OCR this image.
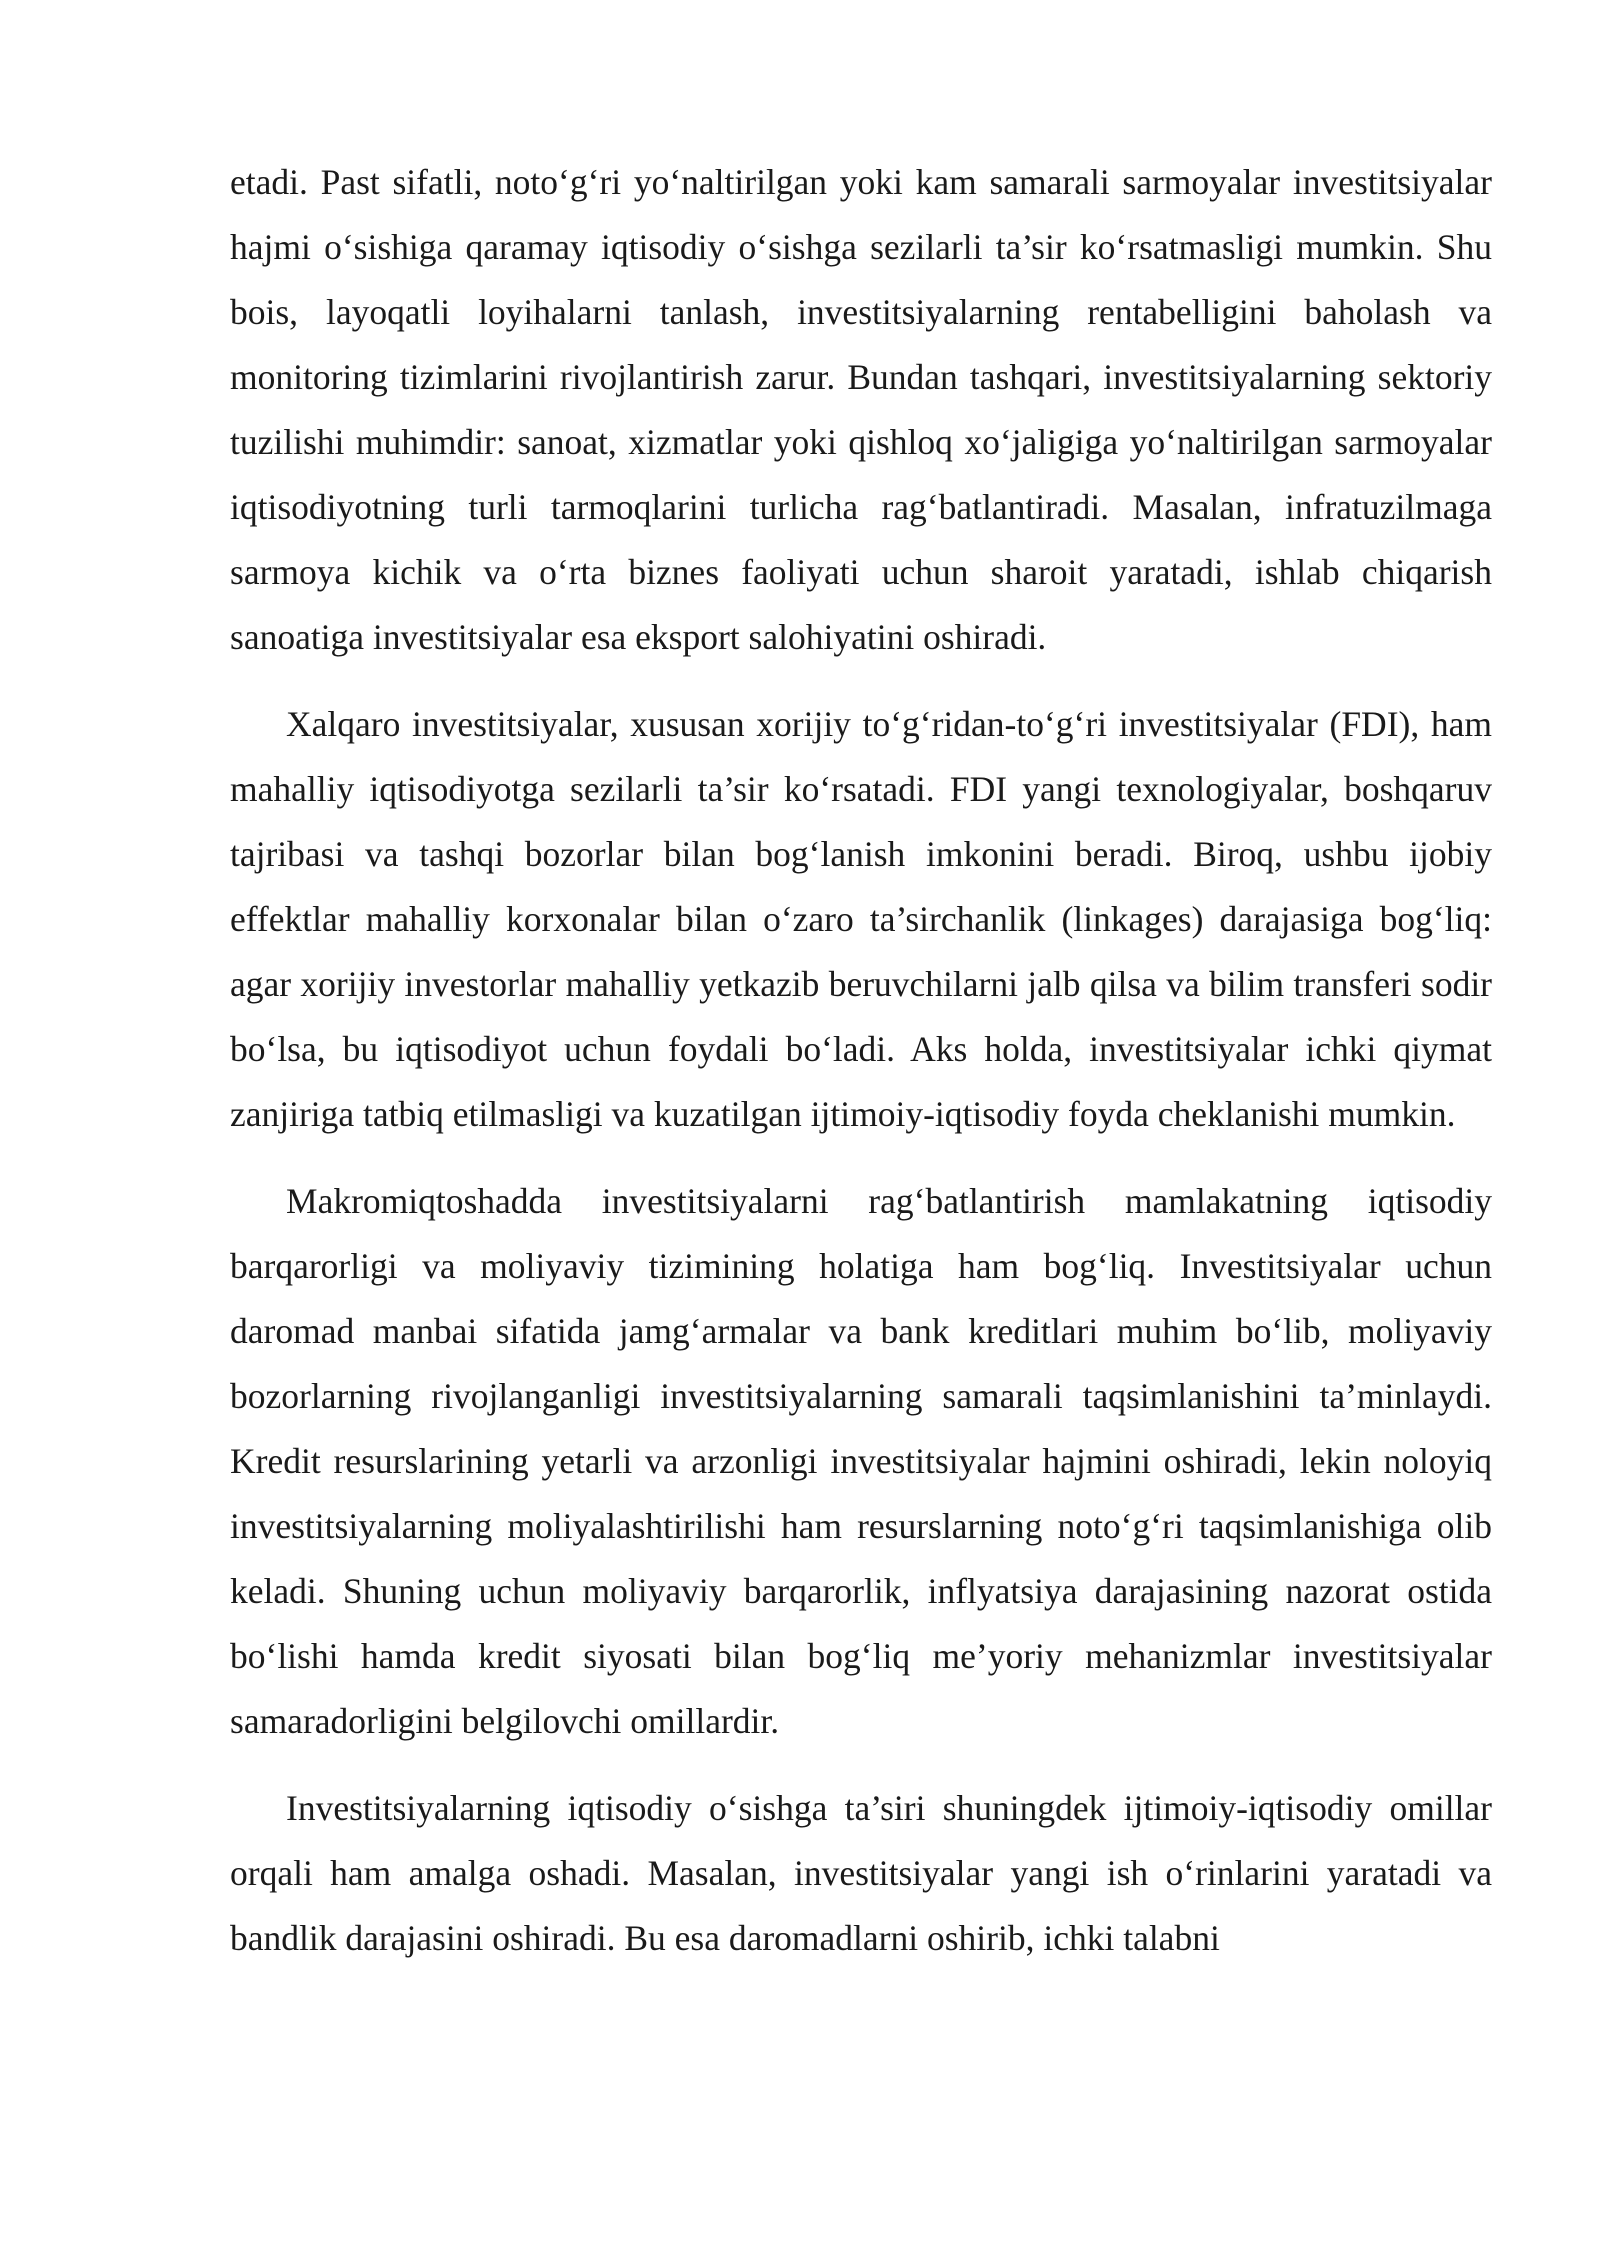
etadi. Past sifatli, noto‘g‘ri yo‘naltirilgan yoki kam samarali sarmoyalar investitsiyalar hajmi o‘sishiga qaramay iqtisodiy o‘sishga sezilarli ta’sir ko‘rsatmasligi mumkin. Shu bois, layoqatli loyihalarni tanlash, investitsiyalarning rentabelligini baholash va monitoring tizimlarini rivojlantirish zarur. Bundan tashqari, investitsiyalarning sektoriy tuzilishi muhimdir: sanoat, xizmatlar yoki qishloq xo‘jaligiga yo‘naltirilgan sarmoyalar iqtisodiyotning turli tarmoqlarini turlicha rag‘batlantiradi. Masalan, infratuzilmaga sarmoya kichik va o‘rta biznes faoliyati uchun sharoit yaratadi, ishlab chiqarish sanoatiga investitsiyalar esa eksport salohiyatini oshiradi.

Xalqaro investitsiyalar, xususan xorijiy to‘g‘ridan-to‘g‘ri investitsiyalar (FDI), ham mahalliy iqtisodiyotga sezilarli ta’sir ko‘rsatadi. FDI yangi texnologiyalar, boshqaruv tajribasi va tashqi bozorlar bilan bog‘lanish imkonini beradi. Biroq, ushbu ijobiy effektlar mahalliy korxonalar bilan o‘zaro ta’sirchanlik (linkages) darajasiga bog‘liq: agar xorijiy investorlar mahalliy yetkazib beruvchilarni jalb qilsa va bilim transferi sodir bo‘lsa, bu iqtisodiyot uchun foydali bo‘ladi. Aks holda, investitsiyalar ichki qiymat zanjiriga tatbiq etilmasligi va kuzatilgan ijtimoiy-iqtisodiy foyda cheklanishi mumkin.

Makromiqtoshadda investitsiyalarni rag‘batlantirish mamlakatning iqtisodiy barqarorligi va moliyaviy tizimining holatiga ham bog‘liq. Investitsiyalar uchun daromad manbai sifatida jamg‘armalar va bank kreditlari muhim bo‘lib, moliyaviy bozorlarning rivojlanganligi investitsiyalarning samarali taqsimlanishini ta’minlaydi. Kredit resurslarining yetarli va arzonligi investitsiyalar hajmini oshiradi, lekin noloyiq investitsiyalarning moliyalashtirilishi ham resurslarning noto‘g‘ri taqsimlanishiga olib keladi. Shuning uchun moliyaviy barqarorlik, inflyatsiya darajasining nazorat ostida bo‘lishi hamda kredit siyosati bilan bog‘liq me’yoriy mehanizmlar investitsiyalar samaradorligini belgilovchi omillardir.

Investitsiyalarning iqtisodiy o‘sishga ta’siri shuningdek ijtimoiy-iqtisodiy omillar orqali ham amalga oshadi. Masalan, investitsiyalar yangi ish o‘rinlarini yaratadi va bandlik darajasini oshiradi. Bu esa daromadlarni oshirib, ichki talabni
